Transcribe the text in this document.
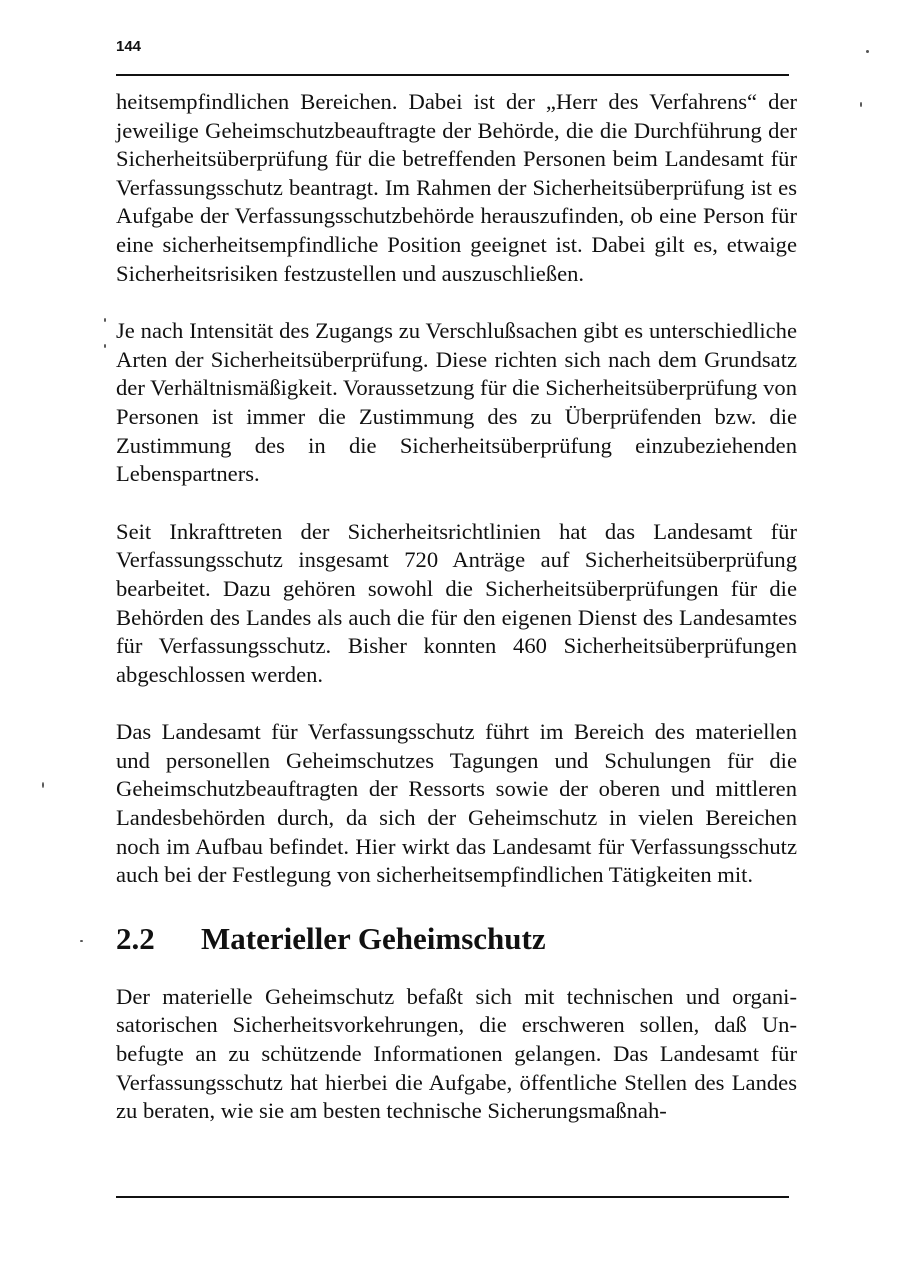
144

heitsempfindlichen Bereichen. Dabei ist der „Herr des Verfahrens“ der jeweilige Geheimschutzbeauftragte der Behörde, die die Durchführung der Sicherheitsüberprüfung für die betreffenden Personen beim Landesamt für Verfassungsschutz beantragt. Im Rahmen der Sicherheitsüberprüfung ist es Aufgabe der Verfassungsschutzbehörde herauszufinden, ob eine Person für eine sicherheitsempfindliche Position geeignet ist. Dabei gilt es, etwaige Sicherheitsrisiken festzustellen und auszuschließen.

Je nach Intensität des Zugangs zu Verschlußsachen gibt es unterschiedliche Arten der Sicherheitsüberprüfung. Diese richten sich nach dem Grundsatz der Verhältnismäßigkeit. Voraussetzung für die Sicherheitsüberprüfung von Personen ist immer die Zustimmung des zu Überprüfenden bzw. die Zustimmung des in die Sicherheitsüberprüfung einzubeziehenden Lebenspartners.

Seit Inkrafttreten der Sicherheitsrichtlinien hat das Landesamt für Verfassungsschutz insgesamt 720 Anträge auf Sicherheitsüberprüfung bearbeitet. Dazu gehören sowohl die Sicherheitsüberprüfungen für die Behörden des Landes als auch die für den eigenen Dienst des Landesamtes für Verfassungsschutz. Bisher konnten 460 Sicherheitsüberprüfungen abgeschlossen werden.

Das Landesamt für Verfassungsschutz führt im Bereich des materiellen und personellen Geheimschutzes Tagungen und Schulungen für die Geheimschutzbeauftragten der Ressorts sowie der oberen und mittleren Landesbehörden durch, da sich der Geheimschutz in vielen Bereichen noch im Aufbau befindet. Hier wirkt das Landesamt für Verfassungsschutz auch bei der Festlegung von sicherheitsempfindlichen Tätigkeiten mit.

2.2 Materieller Geheimschutz

Der materielle Geheimschutz befaßt sich mit technischen und organisatorischen Sicherheitsvorkehrungen, die erschweren sollen, daß Unbefugte an zu schützende Informationen gelangen. Das Landesamt für Verfassungsschutz hat hierbei die Aufgabe, öffentliche Stellen des Landes zu beraten, wie sie am besten technische Sicherungsmaßnah-
